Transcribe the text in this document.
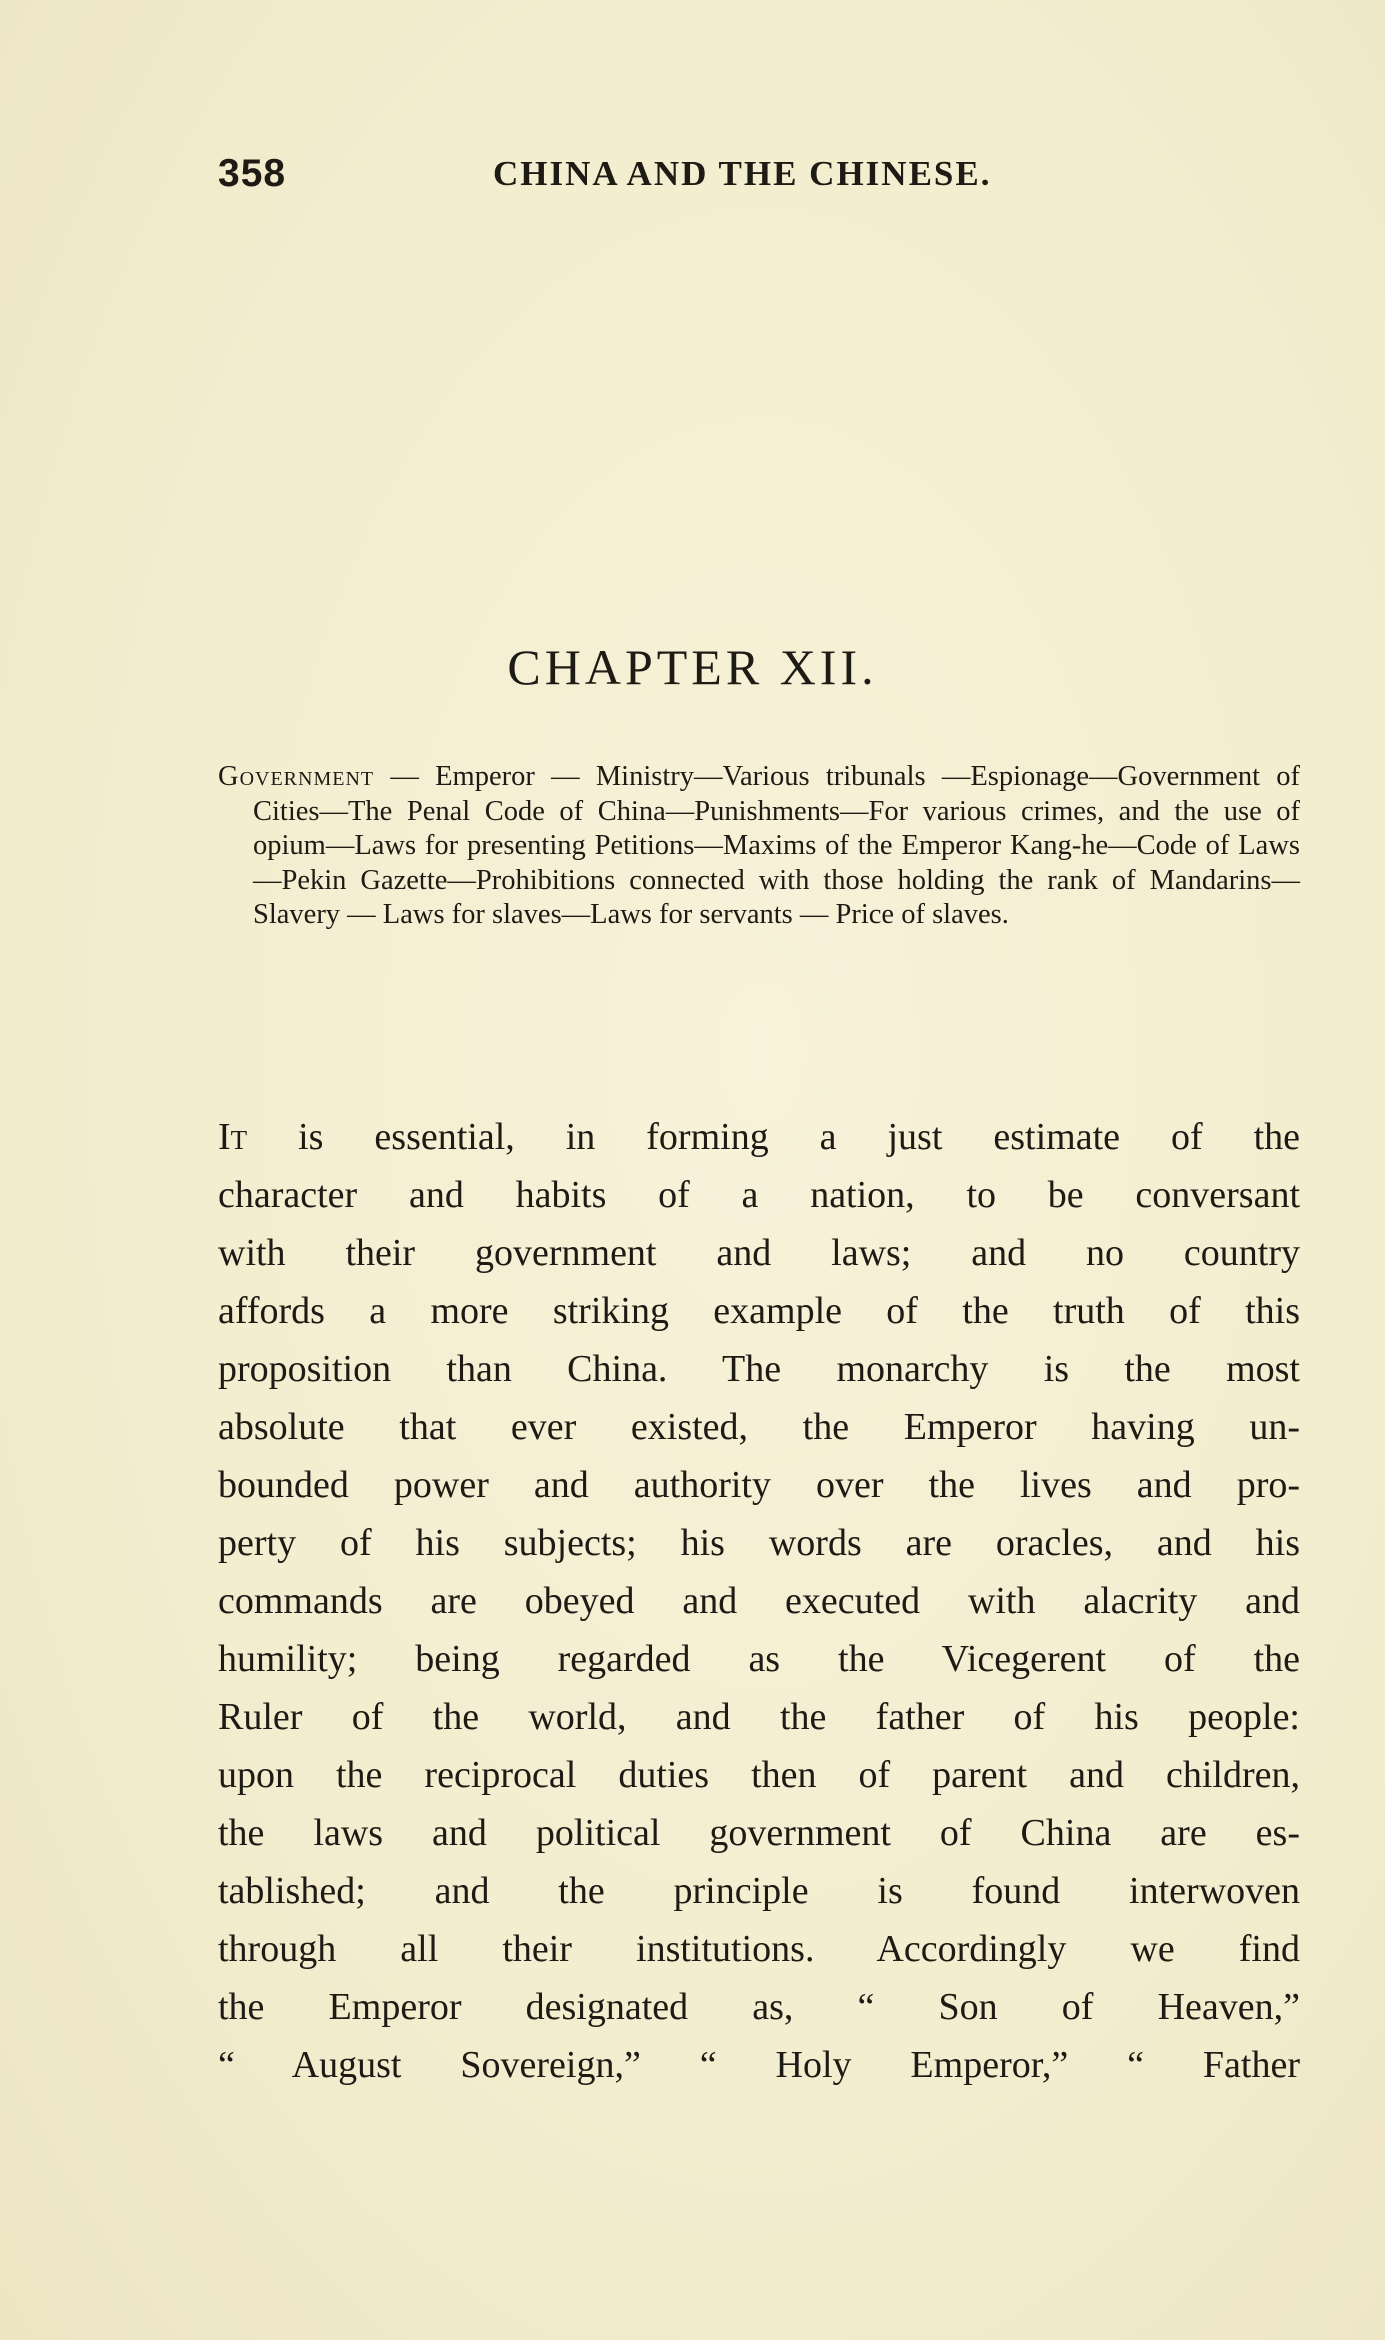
358	CHINA AND THE CHINESE.
CHAPTER XII.
Government — Emperor — Ministry—Various tribunals —Espionage—Government of Cities—The Penal Code of China—Punishments—For various crimes, and the use of opium—Laws for presenting Petitions—Maxims of the Emperor Kang-he—Code of Laws—Pekin Gazette—Prohibitions connected with those holding the rank of Mandarins— Slavery — Laws for slaves—Laws for servants — Price of slaves.
It is essential, in forming a just estimate of the
character and habits of a nation, to be conversant
with their government and laws; and no country
affords a more striking example of the truth of this
proposition than China. The monarchy is the most
absolute that ever existed, the Emperor having un-
bounded power and authority over the lives and pro-
perty of his subjects; his words are oracles, and his
commands are obeyed and executed with alacrity and
humility; being regarded as the Vicegerent of the
Ruler of the world, and the father of his people:
upon the reciprocal duties then of parent and children,
the laws and political government of China are es-
tablished; and the principle is found interwoven
through all their institutions. Accordingly we find
the Emperor designated as, “ Son of Heaven,”
“ August Sovereign,” “ Holy Emperor,” “ Father
